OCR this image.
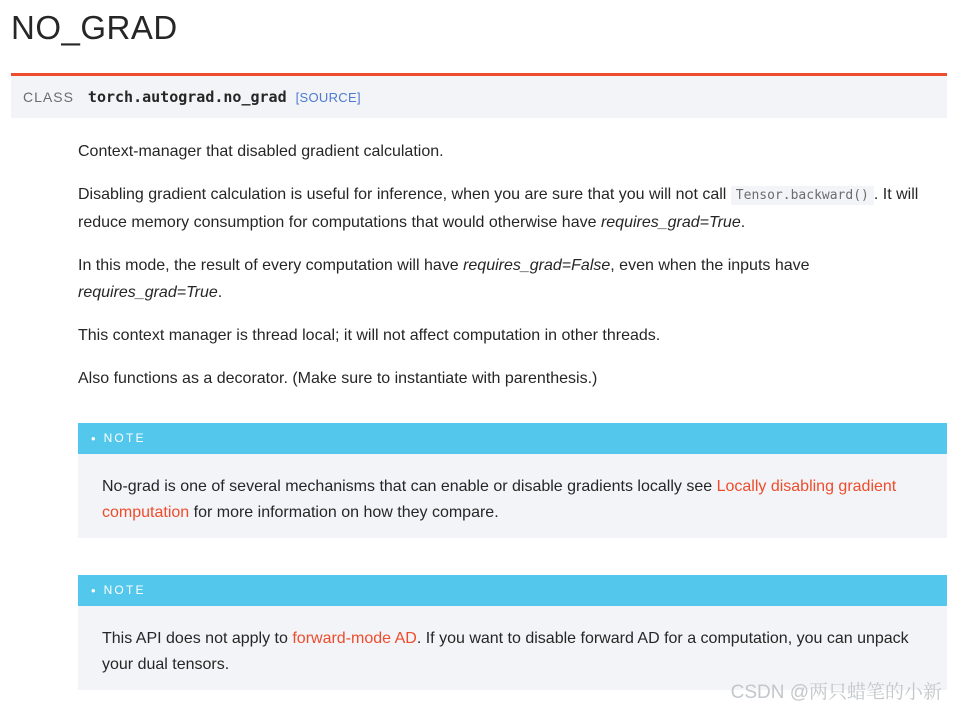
NO_GRAD
CLASS torch.autograd.no_grad [SOURCE]

Context-manager that disabled gradient calculation.

Disabling gradient calculation is useful for inference, when you are sure that you will not call Tensor.backward() . It will reduce memory consumption for computations that would otherwise have requires_grad=True.

In this mode, the result of every computation will have requires_grad=False, even when the inputs have requires_grad=True.

This context manager is thread local; it will not affect computation in other threads.

Also functions as a decorator. (Make sure to instantiate with parenthesis.)

• NOTE
No-grad is one of several mechanisms that can enable or disable gradients locally see Locally disabling gradient computation for more information on how they compare.
• NOTE
This API does not apply to forward-mode AD. If you want to disable forward AD for a computation, you can unpack your dual tensors.
CSDN @两只蜡笔的小新
